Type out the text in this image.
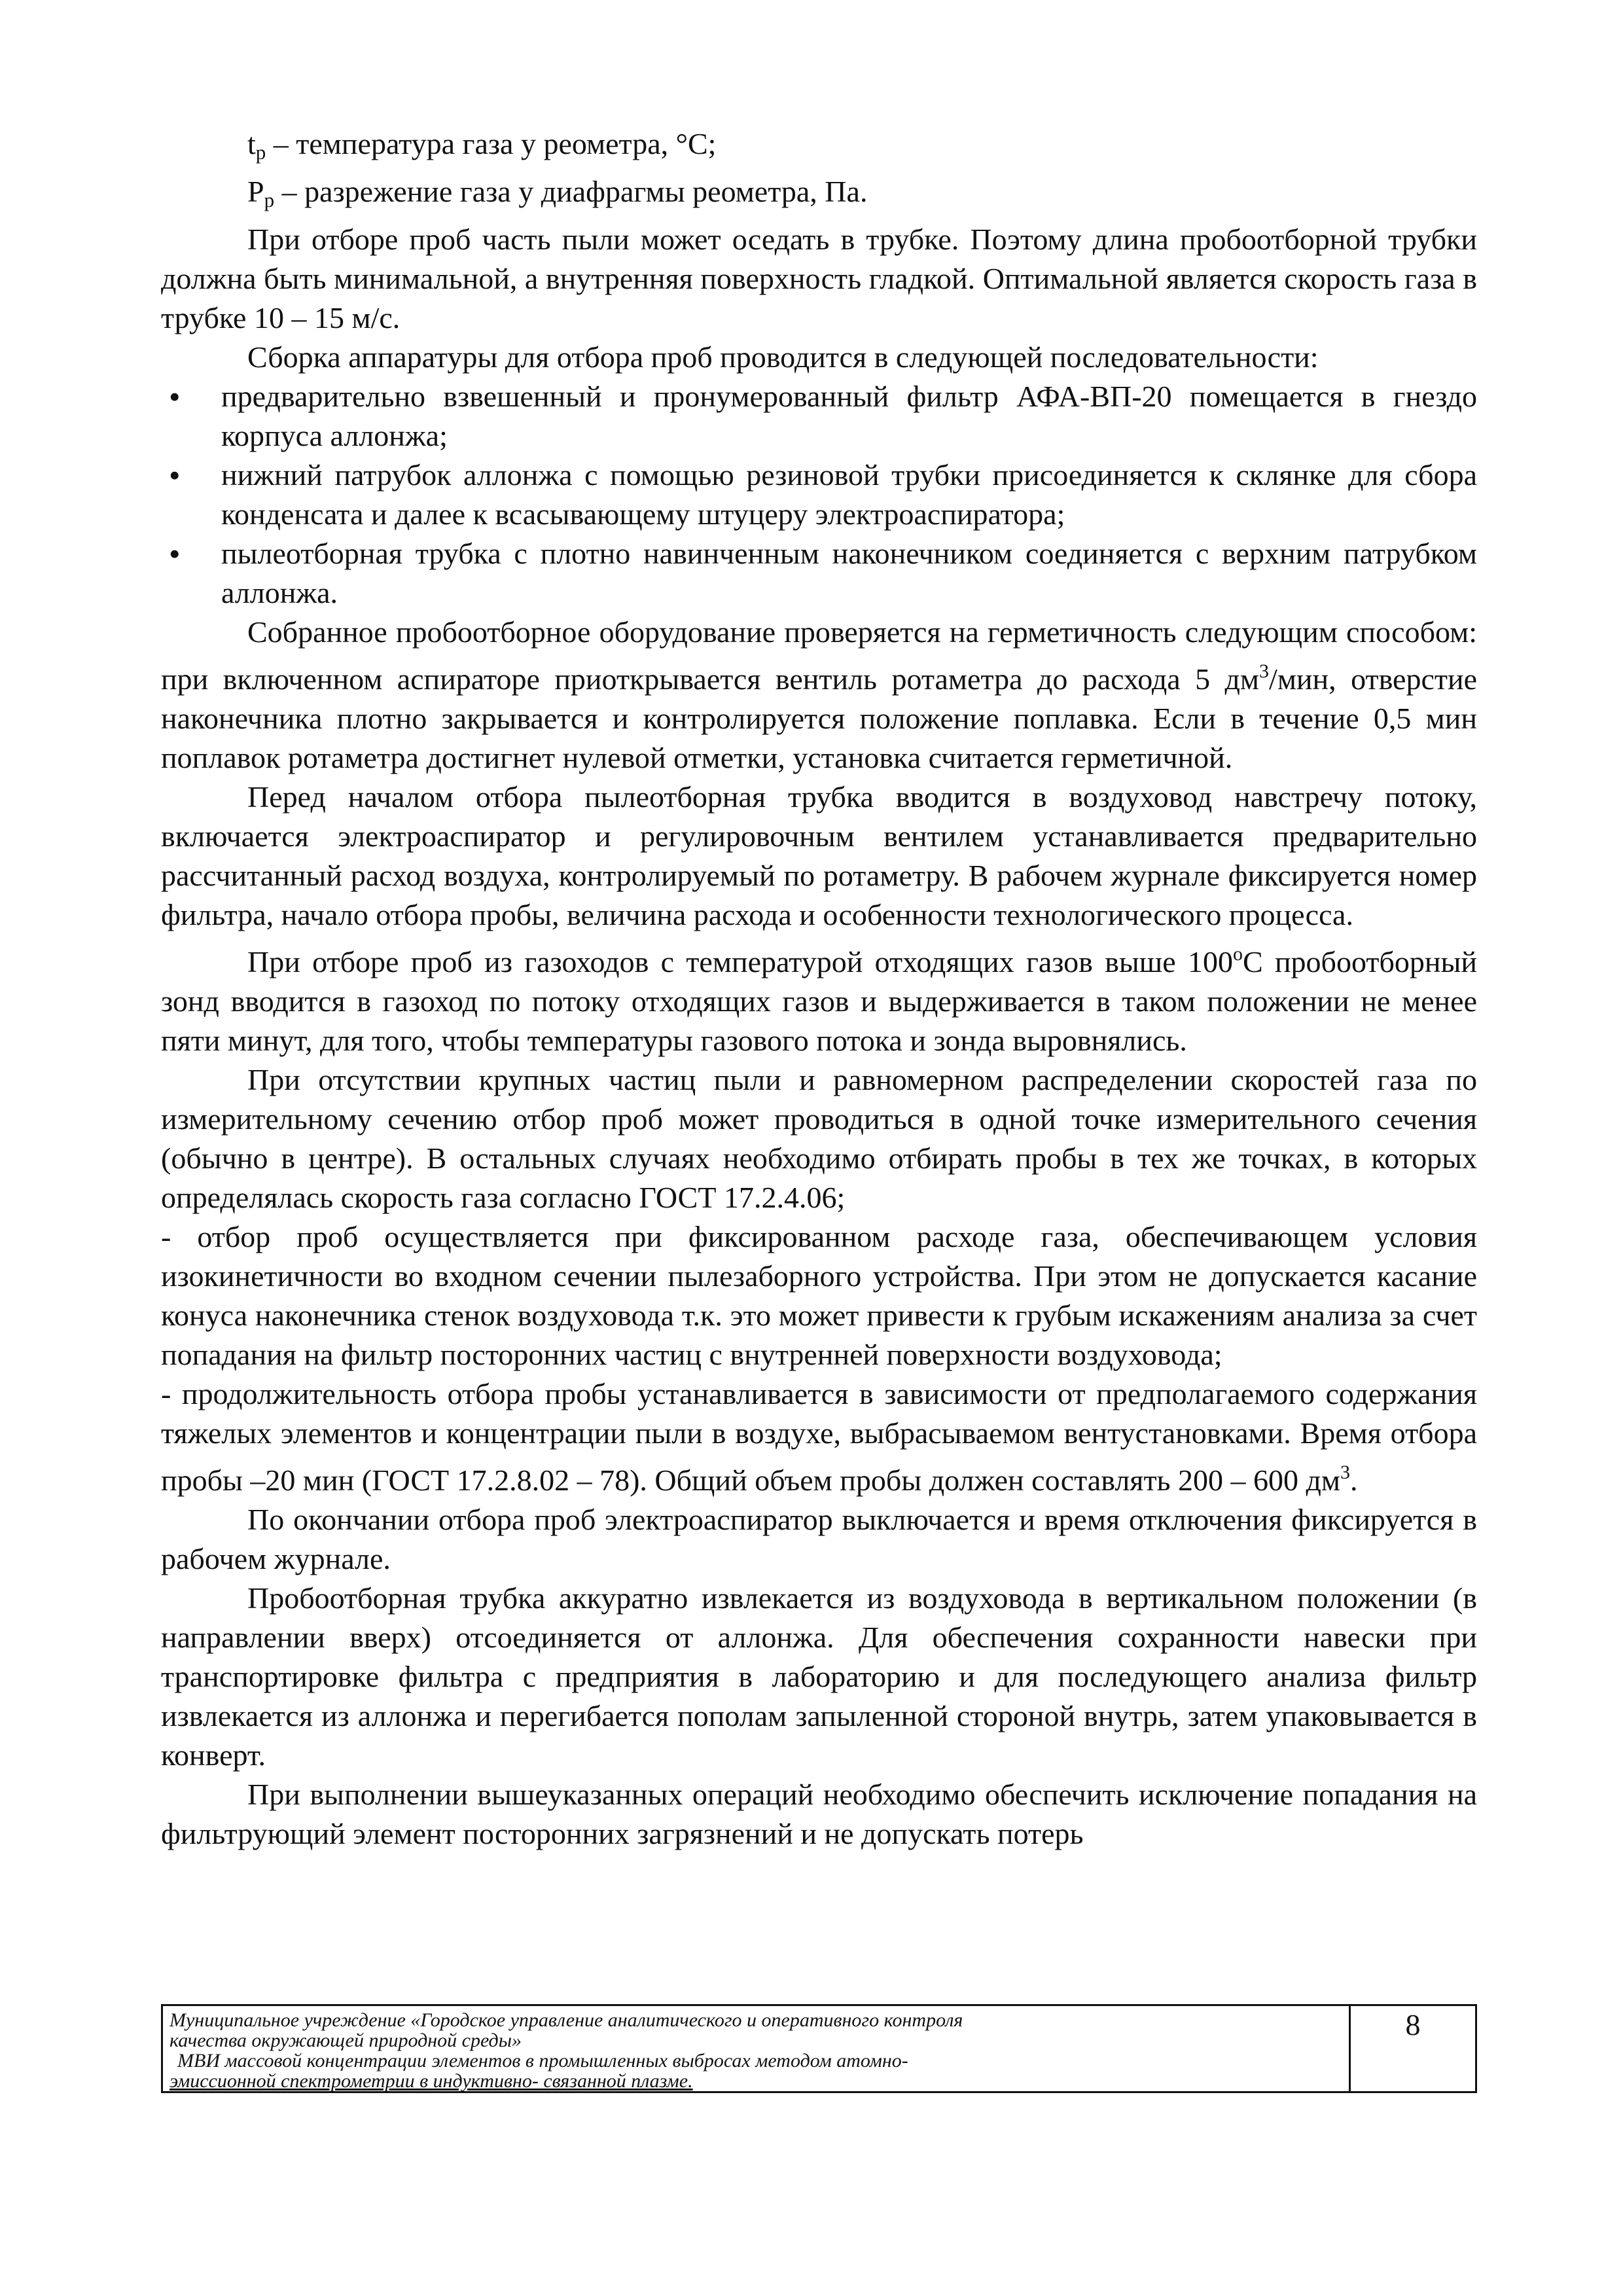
$t_р$ – температура газа у реометра, °С;

$Р_р$ – разрежение газа у диафрагмы реометра, Па.

При отборе проб часть пыли может оседать в трубке. Поэтому длина пробоотборной трубки должна быть минимальной, а внутренняя поверхность гладкой. Оптимальной является скорость газа в трубке 10 – 15 м/с.

Сборка аппаратуры для отбора проб проводится в следующей последовательности:

• предварительно взвешенный и пронумерованный фильтр АФА-ВП-20 помещается в гнездо корпуса аллонжа;
• нижний патрубок аллонжа с помощью резиновой трубки присоединяется к склянке для сбора конденсата и далее к всасывающему штуцеру электроаспиратора;
• пылеотборная трубка с плотно навинченным наконечником соединяется с верхним патрубком аллонжа.

Собранное пробоотборное оборудование проверяется на герметичность следующим способом: при включенном аспираторе приоткрывается вентиль ротаметра до расхода 5 $дм^3$/мин, отверстие наконечника плотно закрывается и контролируется положение поплавка. Если в течение 0,5 мин поплавок ротаметра достигнет нулевой отметки, установка считается герметичной.

Перед началом отбора пылеотборная трубка вводится в воздуховод навстречу потоку, включается электроаспиратор и регулировочным вентилем устанавливается предварительно рассчитанный расход воздуха, контролируемый по ротаметру. В рабочем журнале фиксируется номер фильтра, начало отбора пробы, величина расхода и особенности технологического процесса.

При отборе проб из газоходов с температурой отходящих газов выше $100^оС$ пробоотборный зонд вводится в газоход по потоку отходящих газов и выдерживается в таком положении не менее пяти минут, для того, чтобы температуры газового потока и зонда выровнялись.

При отсутствии крупных частиц пыли и равномерном распределении скоростей газа по измерительному сечению отбор проб может проводиться в одной точке измерительного сечения (обычно в центре). В остальных случаях необходимо отбирать пробы в тех же точках, в которых определялась скорость газа согласно ГОСТ 17.2.4.06;

- отбор проб осуществляется при фиксированном расходе газа, обеспечивающем условия изокинетичности во входном сечении пылезаборного устройства. При этом не допускается касание конуса наконечника стенок воздуховода т.к. это может привести к грубым искажениям анализа за счет попадания на фильтр посторонних частиц с внутренней поверхности воздуховода;

- продолжительность отбора пробы устанавливается в зависимости от предполагаемого содержания тяжелых элементов и концентрации пыли в воздухе, выбрасываемом вентустановками. Время отбора пробы –20 мин (ГОСТ 17.2.8.02 – 78). Общий объем пробы должен составлять 200 – 600 $дм^3$.

По окончании отбора проб электроаспиратор выключается и время отключения фиксируется в рабочем журнале.

Пробоотборная трубка аккуратно извлекается из воздуховода в вертикальном положении (в направлении вверх) отсоединяется от аллонжа. Для обеспечения сохранности навески при транспортировке фильтра с предприятия в лабораторию и для последующего анализа фильтр извлекается из аллонжа и перегибается пополам запыленной стороной внутрь, затем упаковывается в конверт.

При выполнении вышеуказанных операций необходимо обеспечить исключение попадания на фильтрующий элемент посторонних загрязнений и не допускать потерь

Муниципальное учреждение «Городское управление аналитического и оперативного контроля
качества окружающей природной среды»
МВИ массовой концентрации элементов в промышленных выбросах методом атомно-
эмиссионной спектрометрии в индуктивно- связанной плазме.
8
